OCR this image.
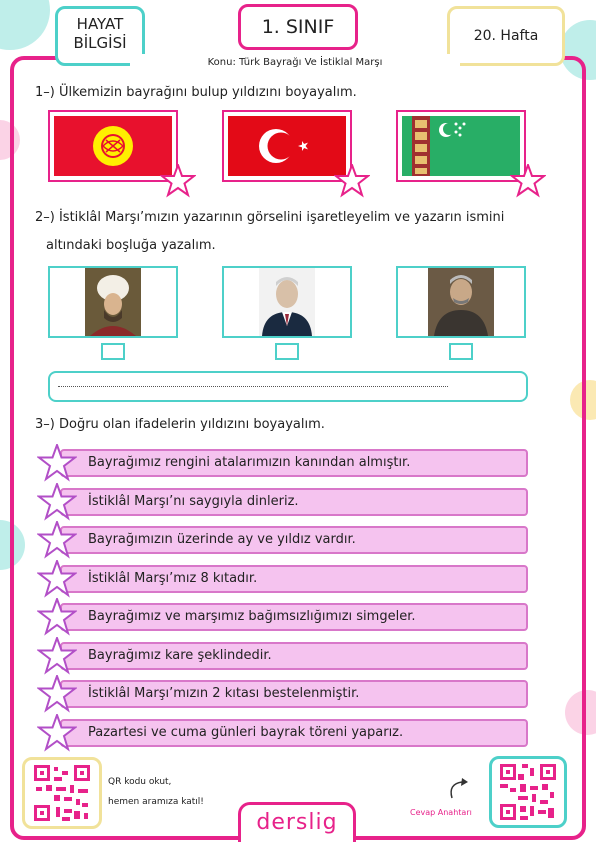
HAYAT
BİLGİSİ
1. SINIF	20. Hafta
Konu: Türk Bayrağı Ve İstiklal Marşı
1–) Ülkemizin bayrağını bulup yıldızını boyayalım.
2–) İstiklâl Marşı’mızın yazarının görselini işaretleyelim ve yazarın ismini
altındaki boşluğa yazalım.
3–) Doğru olan ifadelerin yıldızını boyayalım.
Bayrağımız rengini atalarımızın kanından almıştır.
İstiklâl Marşı’nı saygıyla dinleriz.
Bayrağımızın üzerinde ay ve yıldız vardır.
İstiklâl Marşı’mız 8 kıtadır.
Bayrağımız ve marşımız bağımsızlığımızı simgeler.
Bayrağımız kare şeklindedir.
İstiklâl Marşı’mızın 2 kıtası bestelenmiştir.
Pazartesi ve cuma günleri bayrak töreni yaparız.
QR kodu okut,
hemen aramıza katıl!
derslig	Cevap Anahtarı
